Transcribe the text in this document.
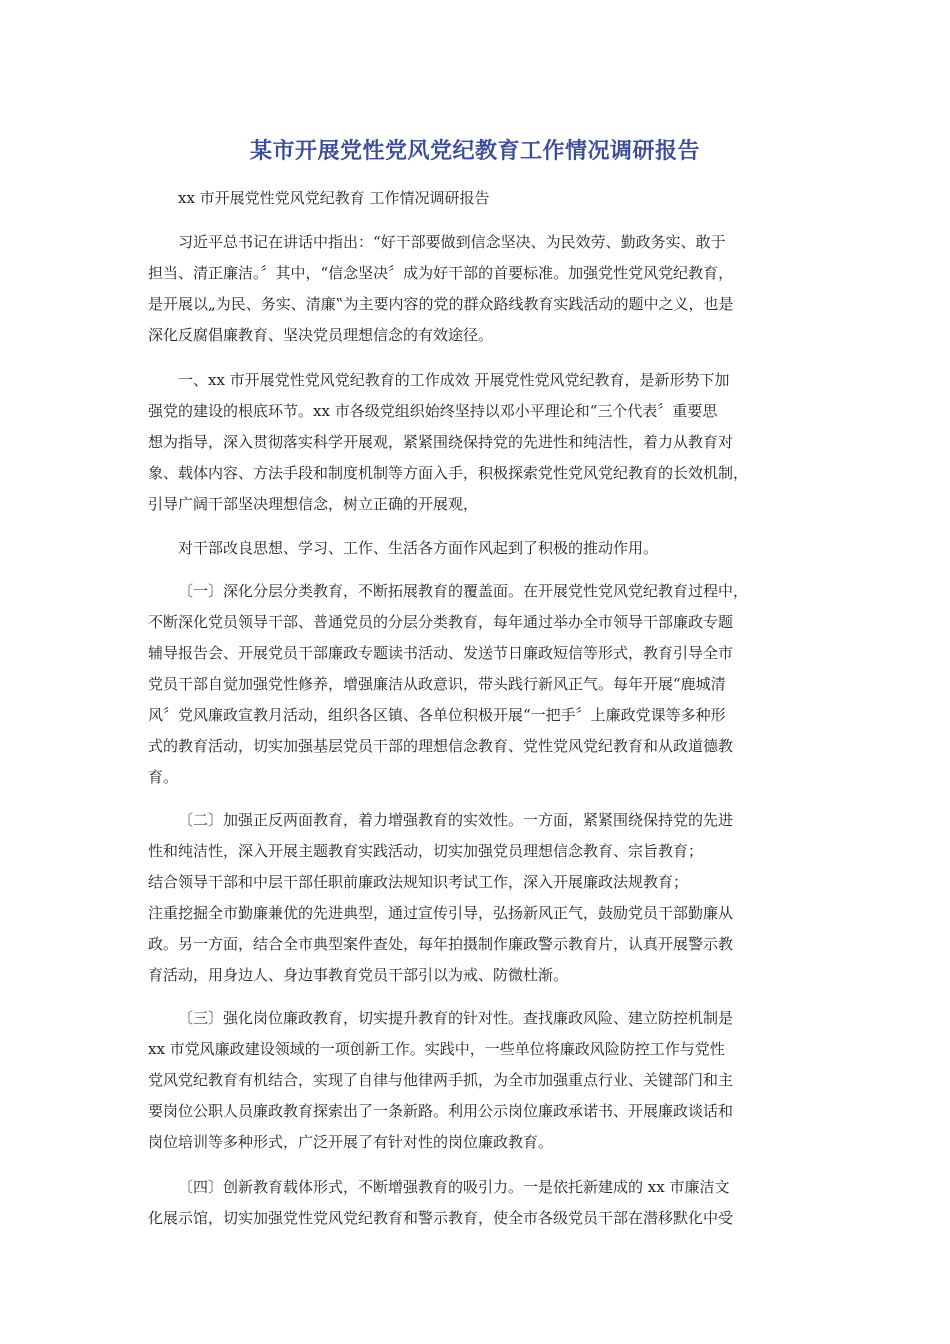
某市开展党性党风党纪教育工作情况调研报告

xx 市开展党性党风党纪教育 工作情况调研报告

习近平总书记在讲话中指出：“好干部要做到信念坚决、为民效劳、勤政务实、敢于
担当、清正廉洁。〞其中，“信念坚决〞成为好干部的首要标准。加强党性党风党纪教育，
是开展以„为民、务实、清廉‟为主要内容的党的群众路线教育实践活动的题中之义，也是
深化反腐倡廉教育、坚决党员理想信念的有效途径。
一、xx 市开展党性党风党纪教育的工作成效 开展党性党风党纪教育，是新形势下加
强党的建设的根底环节。xx 市各级党组织始终坚持以邓小平理论和“三个代表〞重要思
想为指导，深入贯彻落实科学开展观，紧紧围绕保持党的先进性和纯洁性，着力从教育对
象、载体内容、方法手段和制度机制等方面入手，积极探索党性党风党纪教育的长效机制，
引导广阔干部坚决理想信念，树立正确的开展观，
对干部改良思想、学习、工作、生活各方面作风起到了积极的推动作用。
〔一〕深化分层分类教育，不断拓展教育的覆盖面。在开展党性党风党纪教育过程中，
不断深化党员领导干部、普通党员的分层分类教育，每年通过举办全市领导干部廉政专题
辅导报告会、开展党员干部廉政专题读书活动、发送节日廉政短信等形式，教育引导全市
党员干部自觉加强党性修养，增强廉洁从政意识，带头践行新风正气。每年开展“鹿城清
风〞党风廉政宣教月活动，组织各区镇、各单位积极开展“一把手〞上廉政党课等多种形
式的教育活动，切实加强基层党员干部的理想信念教育、党性党风党纪教育和从政道德教
育。
〔二〕加强正反两面教育，着力增强教育的实效性。一方面，紧紧围绕保持党的先进
性和纯洁性，深入开展主题教育实践活动，切实加强党员理想信念教育、宗旨教育；
结合领导干部和中层干部任职前廉政法规知识考试工作，深入开展廉政法规教育；
注重挖掘全市勤廉兼优的先进典型，通过宣传引导，弘扬新风正气，鼓励党员干部勤廉从
政。另一方面，结合全市典型案件查处，每年拍摄制作廉政警示教育片，认真开展警示教
育活动，用身边人、身边事教育党员干部引以为戒、防微杜渐。
〔三〕强化岗位廉政教育，切实提升教育的针对性。查找廉政风险、建立防控机制是
xx 市党风廉政建设领域的一项创新工作。实践中，一些单位将廉政风险防控工作与党性
党风党纪教育有机结合，实现了自律与他律两手抓，为全市加强重点行业、关键部门和主
要岗位公职人员廉政教育探索出了一条新路。利用公示岗位廉政承诺书、开展廉政谈话和
岗位培训等多种形式，广泛开展了有针对性的岗位廉政教育。
〔四〕创新教育载体形式，不断增强教育的吸引力。一是依托新建成的 xx 市廉洁文
化展示馆，切实加强党性党风党纪教育和警示教育，使全市各级党员干部在潜移默化中受
